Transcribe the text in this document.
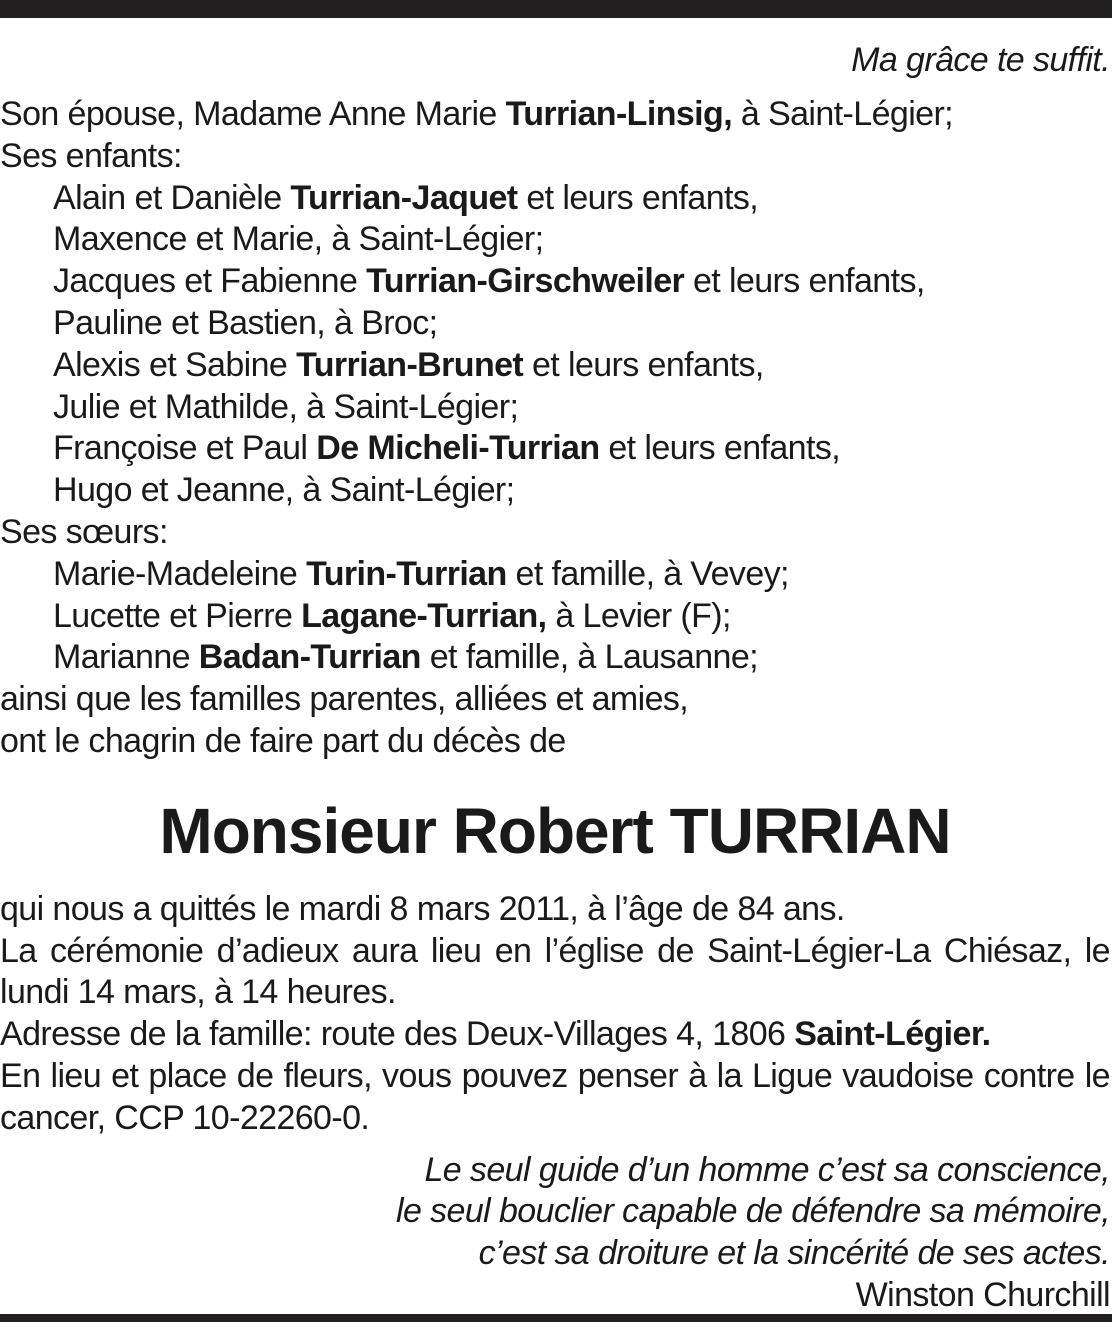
Ma grâce te suffit.
Son épouse, Madame Anne Marie Turrian-Linsig, à Saint-Légier;
Ses enfants:
Alain et Danièle Turrian-Jaquet et leurs enfants,
Maxence et Marie, à Saint-Légier;
Jacques et Fabienne Turrian-Girschweiler et leurs enfants,
Pauline et Bastien, à Broc;
Alexis et Sabine Turrian-Brunet et leurs enfants,
Julie et Mathilde, à Saint-Légier;
Françoise et Paul De Micheli-Turrian et leurs enfants,
Hugo et Jeanne, à Saint-Légier;
Ses sœurs:
Marie-Madeleine Turin-Turrian et famille, à Vevey;
Lucette et Pierre Lagane-Turrian, à Levier (F);
Marianne Badan-Turrian et famille, à Lausanne;
ainsi que les familles parentes, alliées et amies,
ont le chagrin de faire part du décès de
Monsieur Robert TURRIAN
qui nous a quittés le mardi 8 mars 2011, à l’âge de 84 ans.
La cérémonie d’adieux aura lieu en l’église de Saint-Légier-La Chiésaz, le lundi 14 mars, à 14 heures.
Adresse de la famille: route des Deux-Villages 4, 1806 Saint-Légier.
En lieu et place de fleurs, vous pouvez penser à la Ligue vaudoise contre le cancer, CCP 10-22260-0.
Le seul guide d’un homme c’est sa conscience,
le seul bouclier capable de défendre sa mémoire,
c’est sa droiture et la sincérité de ses actes.
Winston Churchill
